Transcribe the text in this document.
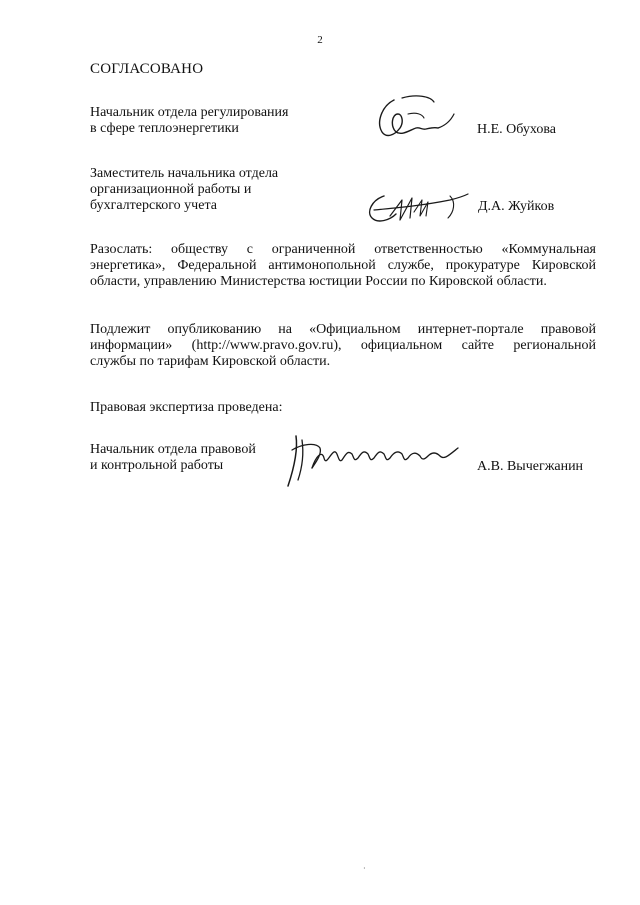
2
СОГЛАСОВАНО
Начальник отдела регулирования
в сфере теплоэнергетики	Н.Е. Обухова
Заместитель начальника отдела
организационной работы и
бухгалтерского учета	Д.А. Жуйков
Разослать: обществу с ограниченной ответственностью «Коммунальная
энергетика», Федеральной антимонопольной службе, прокуратуре Кировской
области, управлению Министерства юстиции России по Кировской области.
Подлежит опубликованию на «Официальном интернет-портале правовой
информации» (http://www.pravo.gov.ru), официальном сайте региональной
службы по тарифам Кировской области.
Правовая экспертиза проведена:
Начальник отдела правовой
и контрольной работы	А.В. Вычегжанин
·
